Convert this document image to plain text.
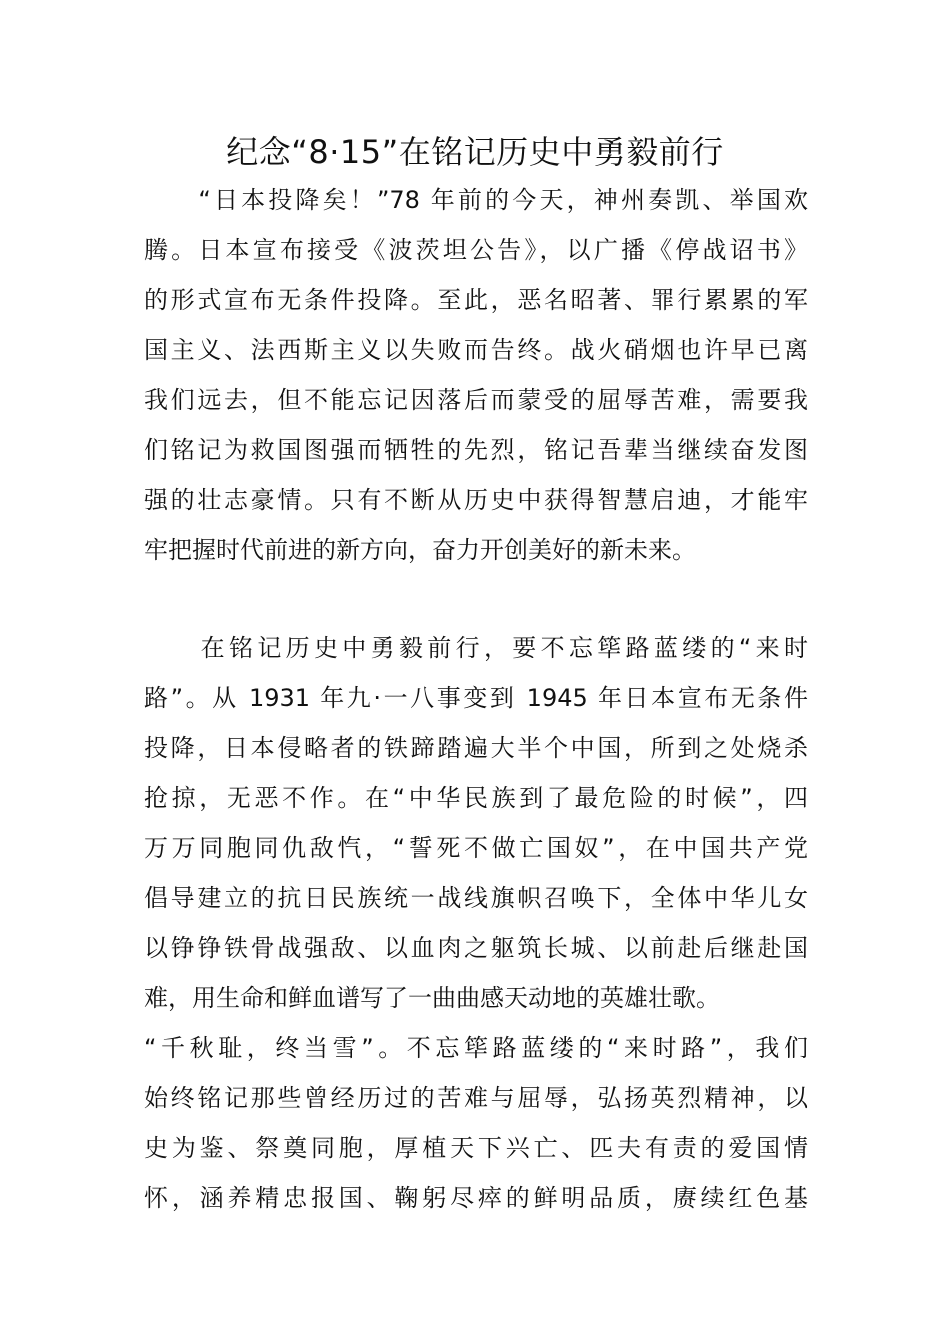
纪念“8·15”在铭记历史中勇毅前行
　　“日本投降矣！”78 年前的今天，神州奏凯、举国欢
腾。日本宣布接受《波茨坦公告》，以广播《停战诏书》
的形式宣布无条件投降。至此，恶名昭著、罪行累累的军
国主义、法西斯主义以失败而告终。战火硝烟也许早已离
我们远去，但不能忘记因落后而蒙受的屈辱苦难，需要我
们铭记为救国图强而牺牲的先烈，铭记吾辈当继续奋发图
强的壮志豪情。只有不断从历史中获得智慧启迪，才能牢
牢把握时代前进的新方向，奋力开创美好的新未来。
　　在铭记历史中勇毅前行，要不忘筚路蓝缕的“来时
路”。从 1931 年九·一八事变到 1945 年日本宣布无条件
投降，日本侵略者的铁蹄踏遍大半个中国，所到之处烧杀
抢掠，无恶不作。在“中华民族到了最危险的时候”，四
万万同胞同仇敌忾，“誓死不做亡国奴”，在中国共产党
倡导建立的抗日民族统一战线旗帜召唤下，全体中华儿女
以铮铮铁骨战强敌、以血肉之躯筑长城、以前赴后继赴国
难，用生命和鲜血谱写了一曲曲感天动地的英雄壮歌。
“千秋耻，终当雪”。不忘筚路蓝缕的“来时路”，我们
始终铭记那些曾经历过的苦难与屈辱，弘扬英烈精神，以
史为鉴、祭奠同胞，厚植天下兴亡、匹夫有责的爱国情
怀，涵养精忠报国、鞠躬尽瘁的鲜明品质，赓续红色基
